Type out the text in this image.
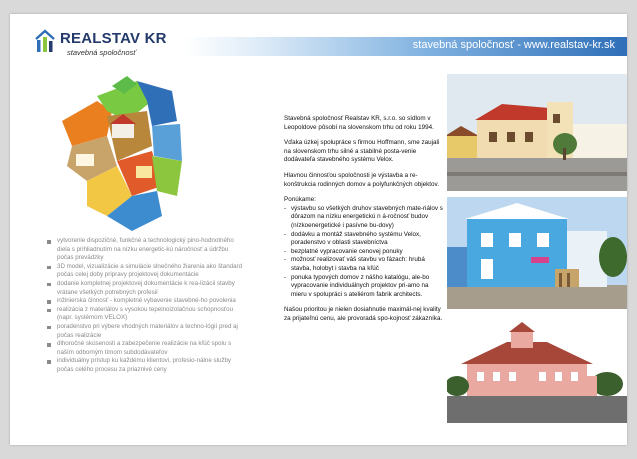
REALSTAV KR
stavebná spoločnosť
stavebná spoločnosť - www.realstav-kr.sk
vytvorenie dispozičné, funkčné a technologický pino-hodnotného diela s prihliadnutím na nízku energetic-kú náročnosť a údržbu počas prevádzky
3D model, vizualizácie a simulácie slnečného žiarenia ako štandard počas celej doby pripravy projektovej dokumentácie
dodanie kompletnej projektovej dokumentácie k rea-lizácii stavby vrátane všetkých potrebných profesií
inžinierska činnosť - kompletné vybavenie stavebné-ho povolenia
realizácia z materiálov s vysokou tepelnoizolačnou schopnosťou (napr. systémom VELOX)
poradenstvo pri výbere vhodných materiálov a techno-lógií pred aj počas realizácie
dlhoročné skúsenosti a zabezpečenie realizácie na kľúč spolu s naším odborným tímom subdodávateľov
individuálny prístup ku každému klientovi, profesio-nálne služby počas celého procesu za priaznivé ceny

Stavebná spoločnosť Realstav KR, s.r.o. so sídlom v Leopoldove pôsobí na slovenskom trhu od roku 1994.

Vďaka úzkej spolupráce s firmou Hoffmann, sme zaujali na slovenskom trhu silné a stabilné posta-venie dodávateľa stavebného systému Velox.

Hlavnou činnosťou spoločnosti je výstavba a re-konštrukcia rodinných domov a polyfunkčných objektov.

Ponúkame:

- výstavbu so všetkých druhov stavebných mate-riálov s dôrazom na nízku energetickú n á-ročnosť budov (nízkoenergetické i pasívne bu-dovy)
- dodávku a montáž stavebného systému Velox, poradenstvo v oblasti stavebníctva
- bezplatné vypracovanie cenovej ponuky
- možnosť realizovať váš stavbu vo fázach: hrubá stavba, holobyt i stavba na kľúč
- ponuka typových domov z nášho katalógu, ale-bo vypracovanie individuálnych projektov pri-amo na mieru v spolupráci s ateliérom fabrik architects.

Našou prioritou je nielen dosiahnutie maximál-nej kvality za prijateľnú cenu, ale provoradá spo-kojnosť zákazníka.
